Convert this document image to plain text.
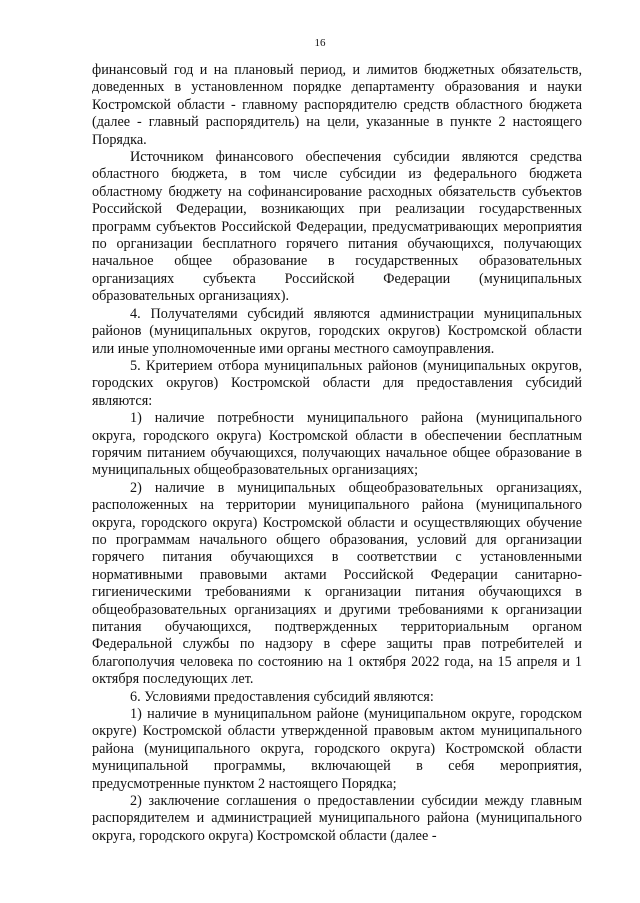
16

финансовый год и на плановый период, и лимитов бюджетных обязательств, доведенных в установленном порядке департаменту образования и науки Костромской области - главному распорядителю средств областного бюджета (далее - главный распорядитель) на цели, указанные в пункте 2 настоящего Порядка.

Источником финансового обеспечения субсидии являются средства областного бюджета, в том числе субсидии из федерального бюджета областному бюджету на софинансирование расходных обязательств субъектов Российской Федерации, возникающих при реализации государственных программ субъектов Российской Федерации, предусматривающих мероприятия по организации бесплатного горячего питания обучающихся, получающих начальное общее образование в государственных образовательных организациях субъекта Российской Федерации (муниципальных образовательных организациях).

4. Получателями субсидий являются администрации муниципальных районов (муниципальных округов, городских округов) Костромской области или иные уполномоченные ими органы местного самоуправления.

5. Критерием отбора муниципальных районов (муниципальных округов, городских округов) Костромской области для предоставления субсидий являются:

1) наличие потребности муниципального района (муниципального округа, городского округа) Костромской области в обеспечении бесплатным горячим питанием обучающихся, получающих начальное общее образование в муниципальных общеобразовательных организациях;

2) наличие в муниципальных общеобразовательных организациях, расположенных на территории муниципального района (муниципального округа, городского округа) Костромской области и осуществляющих обучение по программам начального общего образования, условий для организации горячего питания обучающихся в соответствии с установленными нормативными правовыми актами Российской Федерации санитарно-гигиеническими требованиями к организации питания обучающихся в общеобразовательных организациях и другими требованиями к организации питания обучающихся, подтвержденных территориальным органом Федеральной службы по надзору в сфере защиты прав потребителей и благополучия человека по состоянию на 1 октября 2022 года, на 15 апреля и 1 октября последующих лет.

6. Условиями предоставления субсидий являются:

1) наличие в муниципальном районе (муниципальном округе, городском округе) Костромской области утвержденной правовым актом муниципального района (муниципального округа, городского округа) Костромской области муниципальной программы, включающей в себя мероприятия, предусмотренные пунктом 2 настоящего Порядка;

2) заключение соглашения о предоставлении субсидии между главным распорядителем и администрацией муниципального района (муниципального округа, городского округа) Костромской области (далее -
